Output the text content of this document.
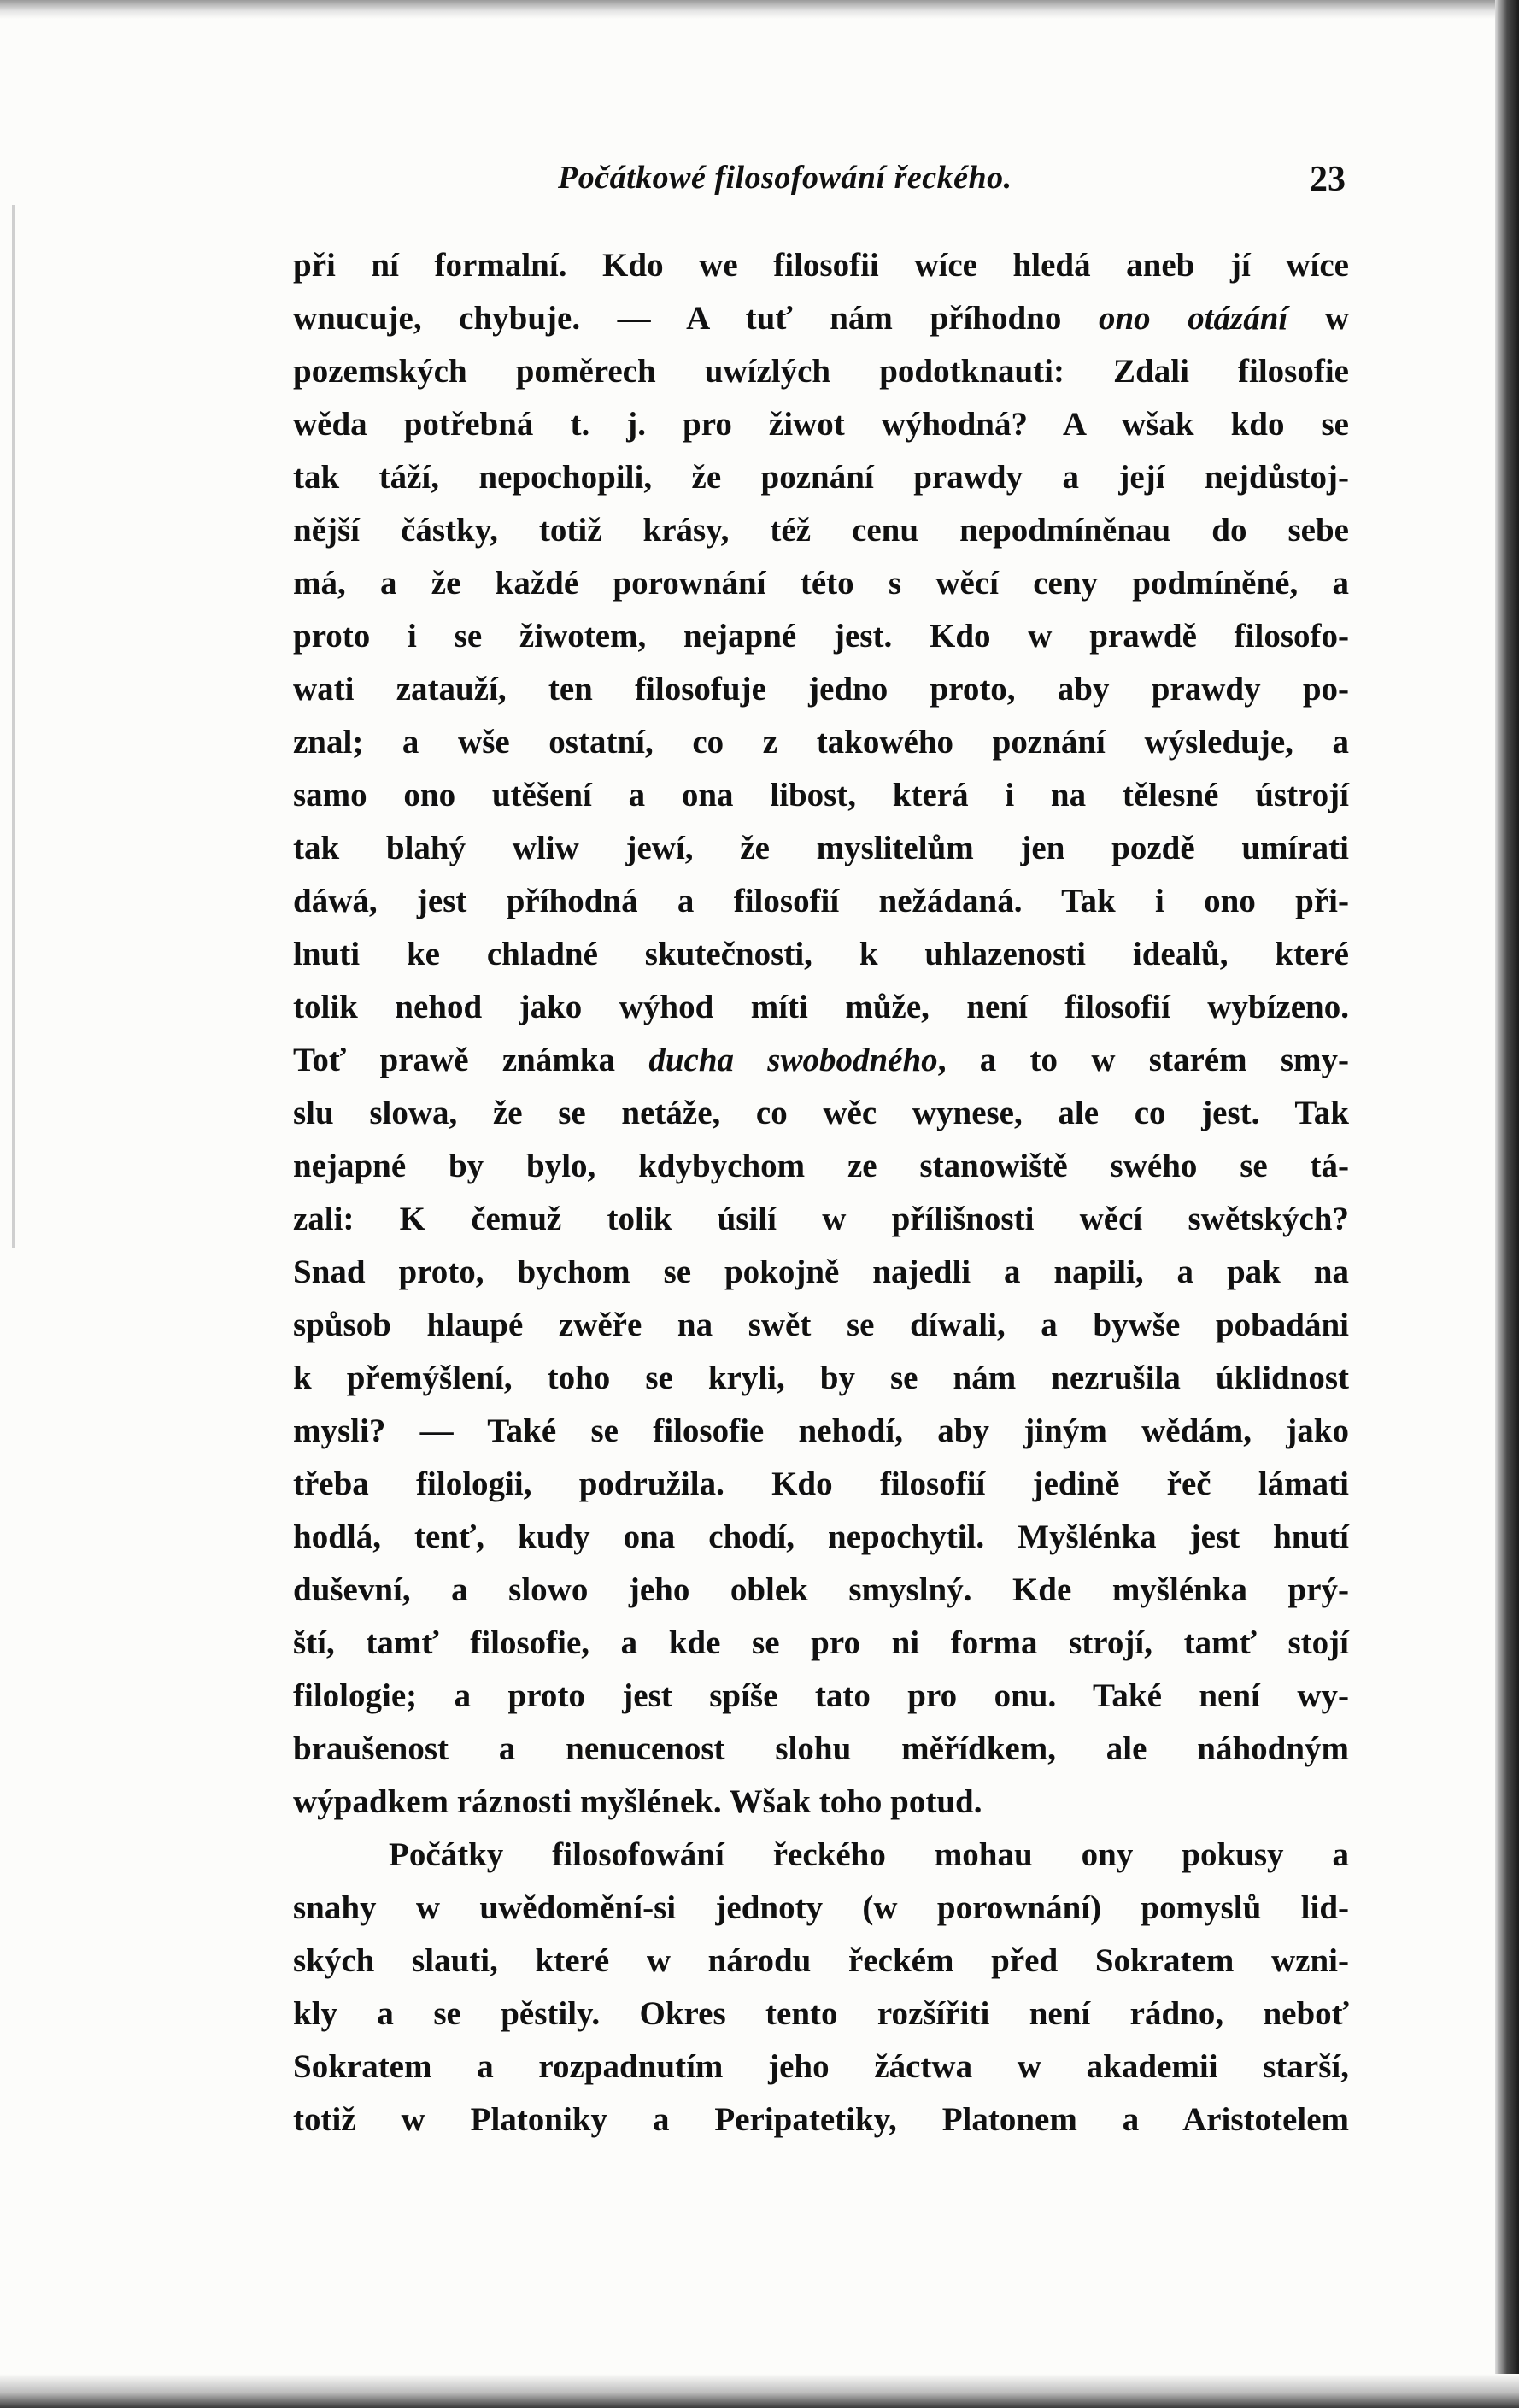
Počátkowé filosofowání řeckého.	23
při ní formalní. Kdo we filosofii wíce hledá aneb jí wíce
wnucuje, chybuje. — A tuť nám příhodno ono otázání w
pozemských poměrech uwízlých podotknauti: Zdali filosofie
wěda potřebná t. j. pro žiwot wýhodná? A wšak kdo se
tak táží, nepochopili, že poznání prawdy a její nejdůstoj-
nější částky, totiž krásy, též cenu nepodmíněnau do sebe
má, a že každé porownání této s wěcí ceny podmíněné, a
proto i se žiwotem, nejapné jest. Kdo w prawdě filosofo-
wati zatauží, ten filosofuje jedno proto, aby prawdy po-
znal; a wše ostatní, co z takowého poznání wýsleduje, a
samo ono utěšení a ona libost, která i na tělesné ústrojí
tak blahý wliw jewí, že myslitelům jen pozdě umírati
dáwá, jest příhodná a filosofií nežádaná. Tak i ono při-
lnuti ke chladné skutečnosti, k uhlazenosti idealů, které
tolik nehod jako wýhod míti může, není filosofií wybízeno.
Toť prawě známka ducha swobodného, a to w starém smy-
slu slowa, že se netáže, co wěc wynese, ale co jest. Tak
nejapné by bylo, kdybychom ze stanowiště swého se tá-
zali: K čemuž tolik úsilí w přílišnosti wěcí swětských?
Snad proto, bychom se pokojně najedli a napili, a pak na
spůsob hlaupé zwěře na swět se díwali, a bywše pobadáni
k přemýšlení, toho se kryli, by se nám nezrušila úklidnost
mysli? — Také se filosofie nehodí, aby jiným wědám, jako
třeba filologii, podružila. Kdo filosofií jedině řeč lámati
hodlá, tenť, kudy ona chodí, nepochytil. Myšlénka jest hnutí
duševní, a slowo jeho oblek smyslný. Kde myšlénka prý-
ští, tamť filosofie, a kde se pro ni forma strojí, tamť stojí
filologie; a proto jest spíše tato pro onu. Také není wy-
braušenost a nenucenost slohu měřídkem, ale náhodným
wýpadkem ráznosti myšlének. Wšak toho potud.
Počátky filosofowání řeckého mohau ony pokusy a
snahy w uwědomění-si jednoty (w porownání) pomyslů lid-
ských slauti, které w národu řeckém před Sokratem wzni-
kly a se pěstily. Okres tento rozšířiti není rádno, neboť
Sokratem a rozpadnutím jeho žáctwa w akademii starší,
totiž w Platoniky a Peripatetiky, Platonem a Aristotelem
